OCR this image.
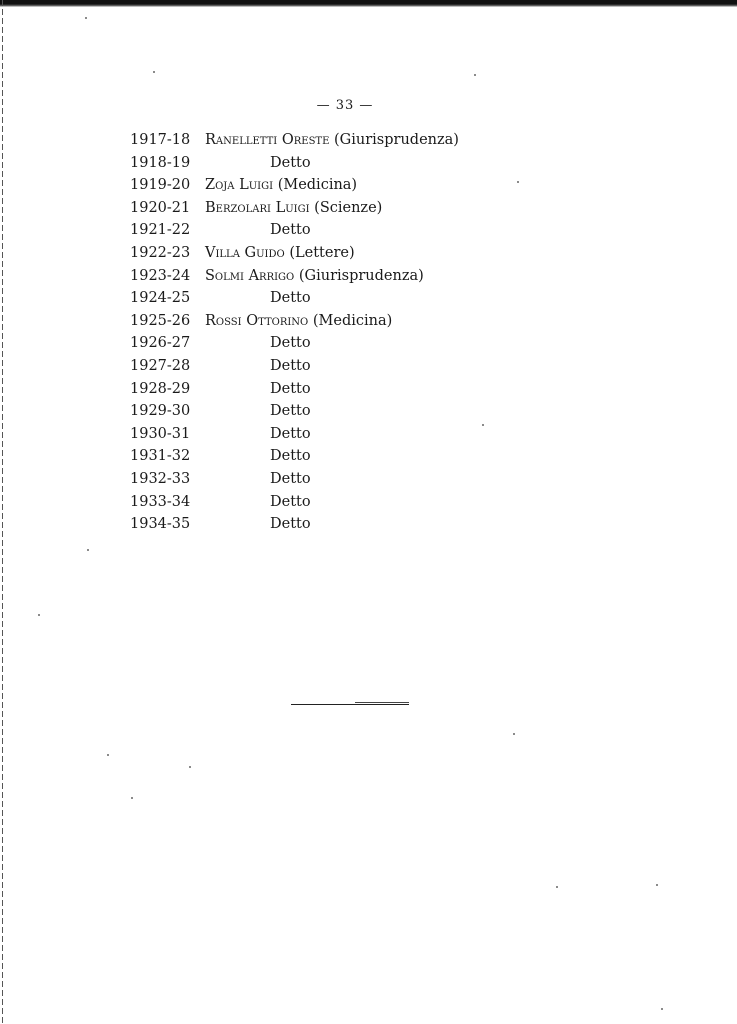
— 33 —
1917-18 Ranelletti Oreste (Giurisprudenza)
1918-19	Detto
1919-20 Zoja Luigi (Medicina)
1920-21 Berzolari Luigi (Scienze)
1921-22	Detto
1922-23 Villa Guido (Lettere)
1923-24 Solmi Arrigo (Giurisprudenza)
1924-25	Detto
1925-26 Rossi Ottorino (Medicina)
1926-27	Detto
1927-28	Detto
1928-29	Detto
1929-30	Detto
1930-31	Detto
1931-32	Detto
1932-33	Detto
1933-34	Detto
1934-35	Detto
